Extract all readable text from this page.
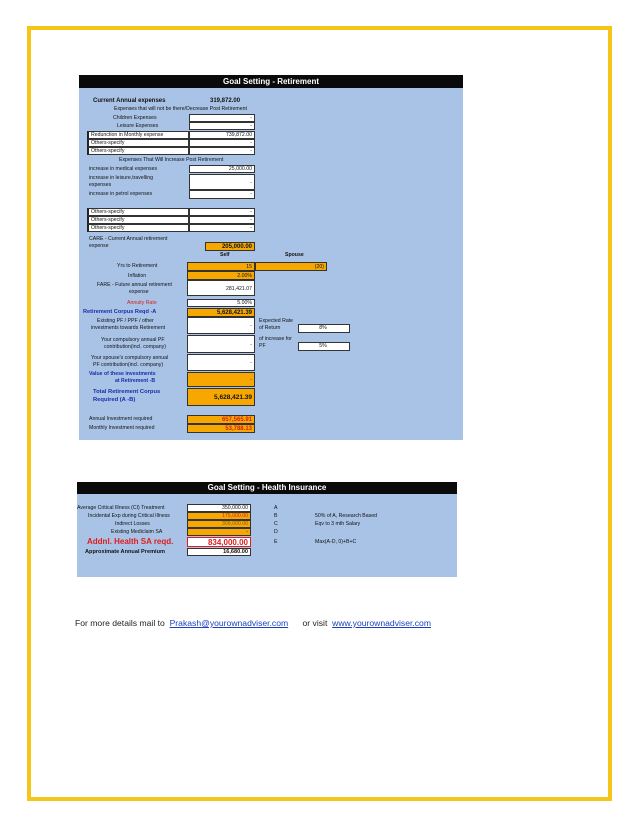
Goal Setting - Retirement
Current Annual expenses	319,872.00
Expenses that will not be there/Decrease Post Retirement
Children Expenses	-
Leisure Expenses	-
Redunction in Monthly expense	739,872.00
Others-specify	-
Others-specify	-
Expenses That Will Increase Post Retirement
increase in medical expenses	25,000.00
increase in leisure,travelling
expenses	-
increase in petrol expenses	-
Others-specify	-
Others-specify	-
Others-specify	-
CARE - Current Annual retirement
expense	205,000.00
Self	Spouse
Yrs to Retirement	15	(20)
Inflation	2.00%
FARE - Future annual retirement
expense	281,421.07
Annuity Rate	5.00%
Retirement Corpus Reqd -A	5,628,421.39
Existing PF / PPF / other
investments towards Retirement	-
Expected Rate
of Return	8%
of increase for
PF	5%
Your compulsory annual PF
contribution(incl. company)	-
Your spouse's compulsory annual
PF contribution(incl. company)	-
Value of these investments
at Retirement -B	-
Total Retirement Corpus
Required (A -B)	5,628,421.39
Annual Investment required	657,565.91
Monthly Investment required	53,788.13
Goal Setting - Health Insurance
Average Critical Illness (CI) Treatment	350,000.00	A
Incidental Exp during Critical Illness	175,000.00	B	50% of A, Research Based
Indirect Losses	309,000.00	C	Eqv to 3 mth Salary
Existing Mediclaim SA	-	D
Addnl. Health SA reqd.	834,000.00	E	Max(A-D, 0)+B+C
Approximate Annual Premium	16,680.00
For more details mail to Prakash@yourownadviser.com or visit www.yourownadviser.com
